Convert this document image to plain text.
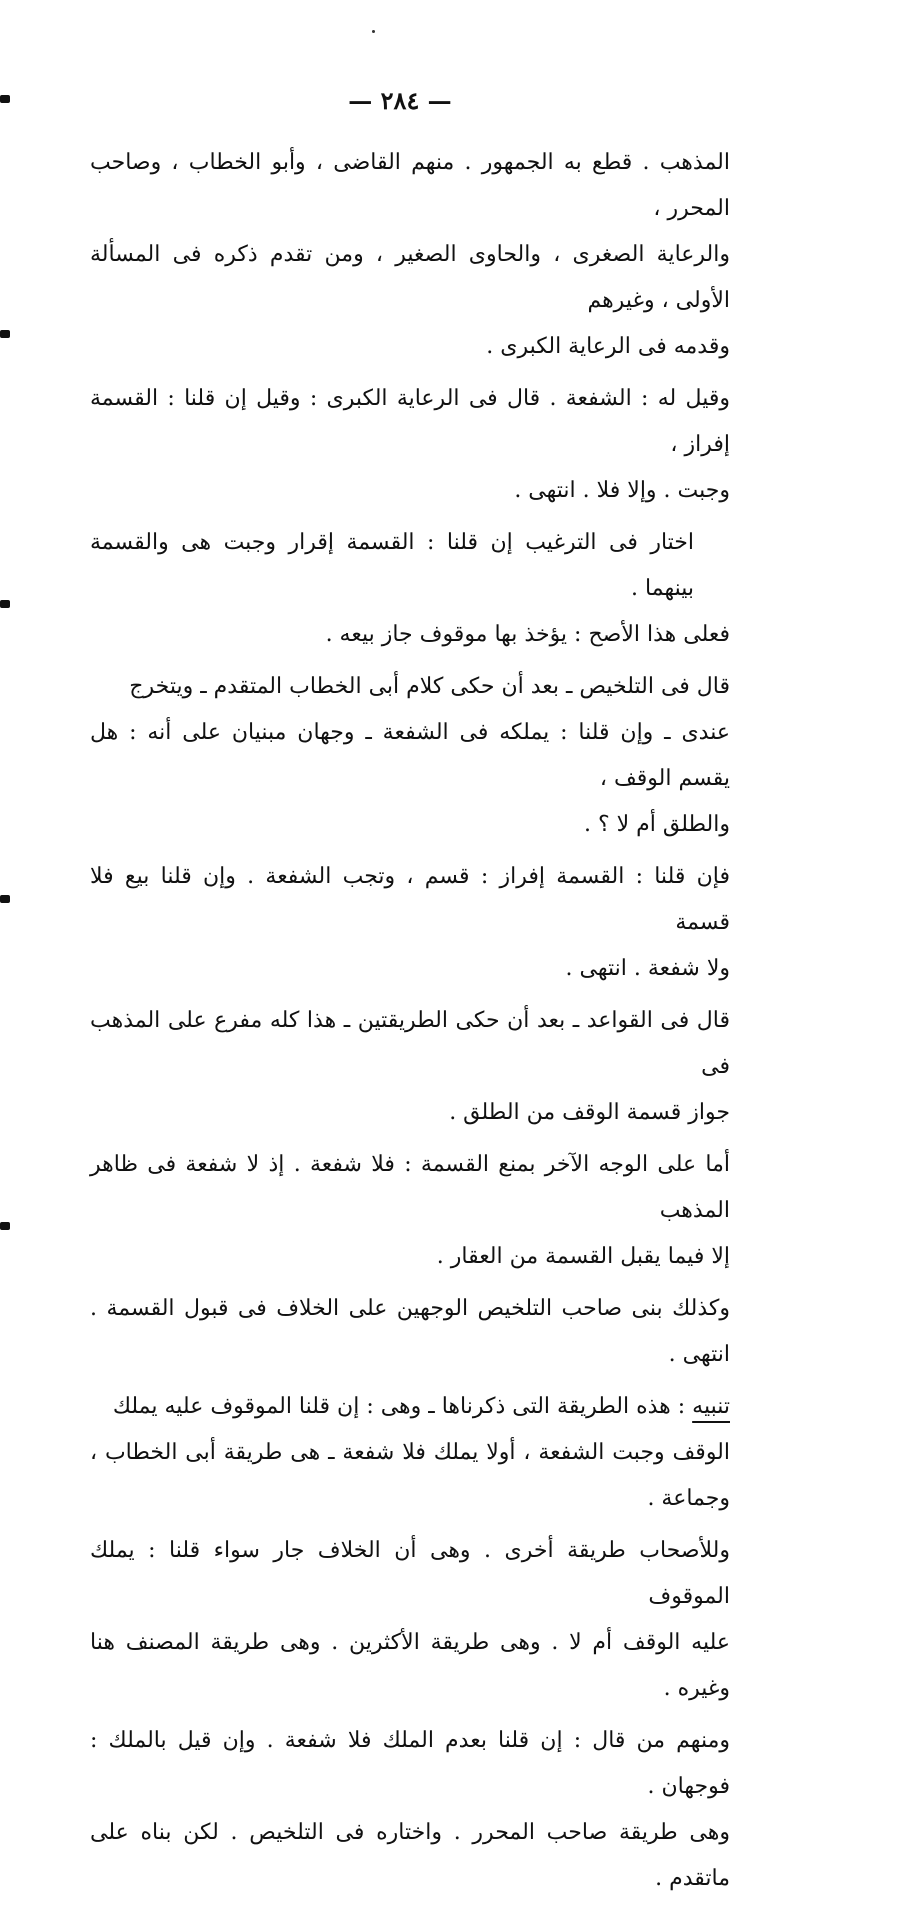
— ٢٨٤ —

المذهب . قطع به الجمهور . منهم القاضى ، وأبو الخطاب ، وصاحب المحرر ،
والرعاية الصغرى ، والحاوى الصغير ، ومن تقدم ذكره فى المسألة الأولى ، وغيرهم
وقدمه فى الرعاية الكبرى .

وقيل له : الشفعة . قال فى الرعاية الكبرى : وقيل إن قلنا : القسمة إفراز ،
وجبت . وإلا فلا . انتهى .

اختار فى الترغيب إن قلنا : القسمة إقرار وجبت هى والقسمة بينهما .
فعلى هذا الأصح : يؤخذ بها موقوف جاز بيعه .

قال فى التلخيص ـ بعد أن حكى كلام أبى الخطاب المتقدم ـ ويتخرج
عندى ـ وإن قلنا : يملكه فى الشفعة ـ وجهان مبنيان على أنه : هل يقسم الوقف ،
والطلق أم لا ؟ .

فإن قلنا : القسمة إفراز : قسم ، وتجب الشفعة . وإن قلنا بيع فلا قسمة
ولا شفعة . انتهى .

قال فى القواعد ـ بعد أن حكى الطريقتين ـ هذا كله مفرع على المذهب فى
جواز قسمة الوقف من الطلق .

أما على الوجه الآخر بمنع القسمة : فلا شفعة . إذ لا شفعة فى ظاهر المذهب
إلا فيما يقبل القسمة من العقار .

وكذلك بنى صاحب التلخيص الوجهين على الخلاف فى قبول القسمة . انتهى .

تنبيه : هذه الطريقة التى ذكرناها ـ وهى : إن قلنا الموقوف عليه يملك
الوقف وجبت الشفعة ، أولا يملك فلا شفعة ـ هى طريقة أبى الخطاب ، وجماعة .

وللأصحاب طريقة أخرى . وهى أن الخلاف جار سواء قلنا : يملك الموقوف
عليه الوقف أم لا . وهى طريقة الأكثرين . وهى طريقة المصنف هنا وغيره .

ومنهم من قال : إن قلنا بعدم الملك فلا شفعة . وإن قيل بالملك : فوجهان .
وهى طريقة صاحب المحرر . واختاره فى التلخيص . لكن بناه على ماتقدم .
